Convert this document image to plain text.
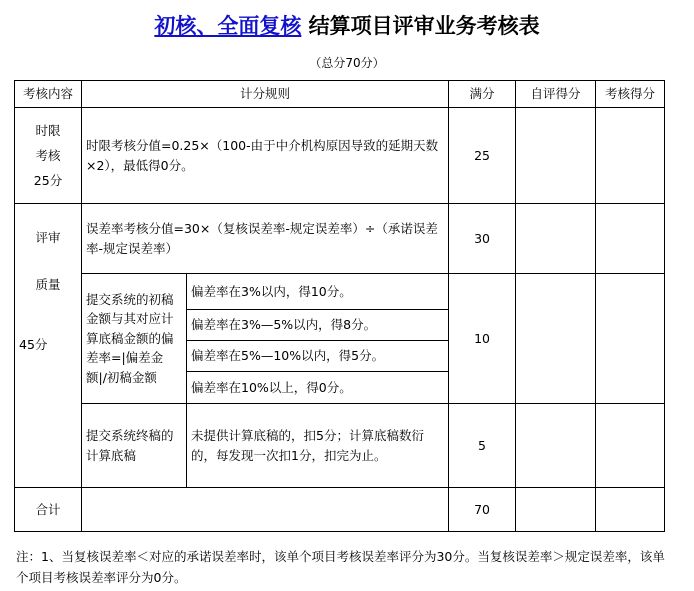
初核、全面复核 结算项目评审业务考核表
（总分70分）
考核内容	计分规则		满分	自评得分	考核得分

时限
考核
25分	时限考核分值=0.25×（100-由于中介机构原因导致的延期天数×2），最低得0分。		25		

评审
质量
45分	误差率考核分值=30×（复核误差率-规定误差率）÷（承诺误差率-规定误差率）		30		
	提交系统的初稿金额与其对应计算底稿金额的偏差率=|偏差金额|/初稿金额	偏差率在3%以内，得10分。	10		
		偏差率在3%—5%以内，得8分。			
		偏差率在5%—10%以内，得5分。			
		偏差率在10%以上，得0分。			
	提交系统终稿的计算底稿	未提供计算底稿的，扣5分；计算底稿数衍的，每发现一次扣1分，扣完为止。	5		
合计			70		
注：1、当复核误差率＜对应的承诺误差率时，该单个项目考核误差率评分为30分。当复核误差率＞规定误差率，该单个项目考核误差率评分为0分。
